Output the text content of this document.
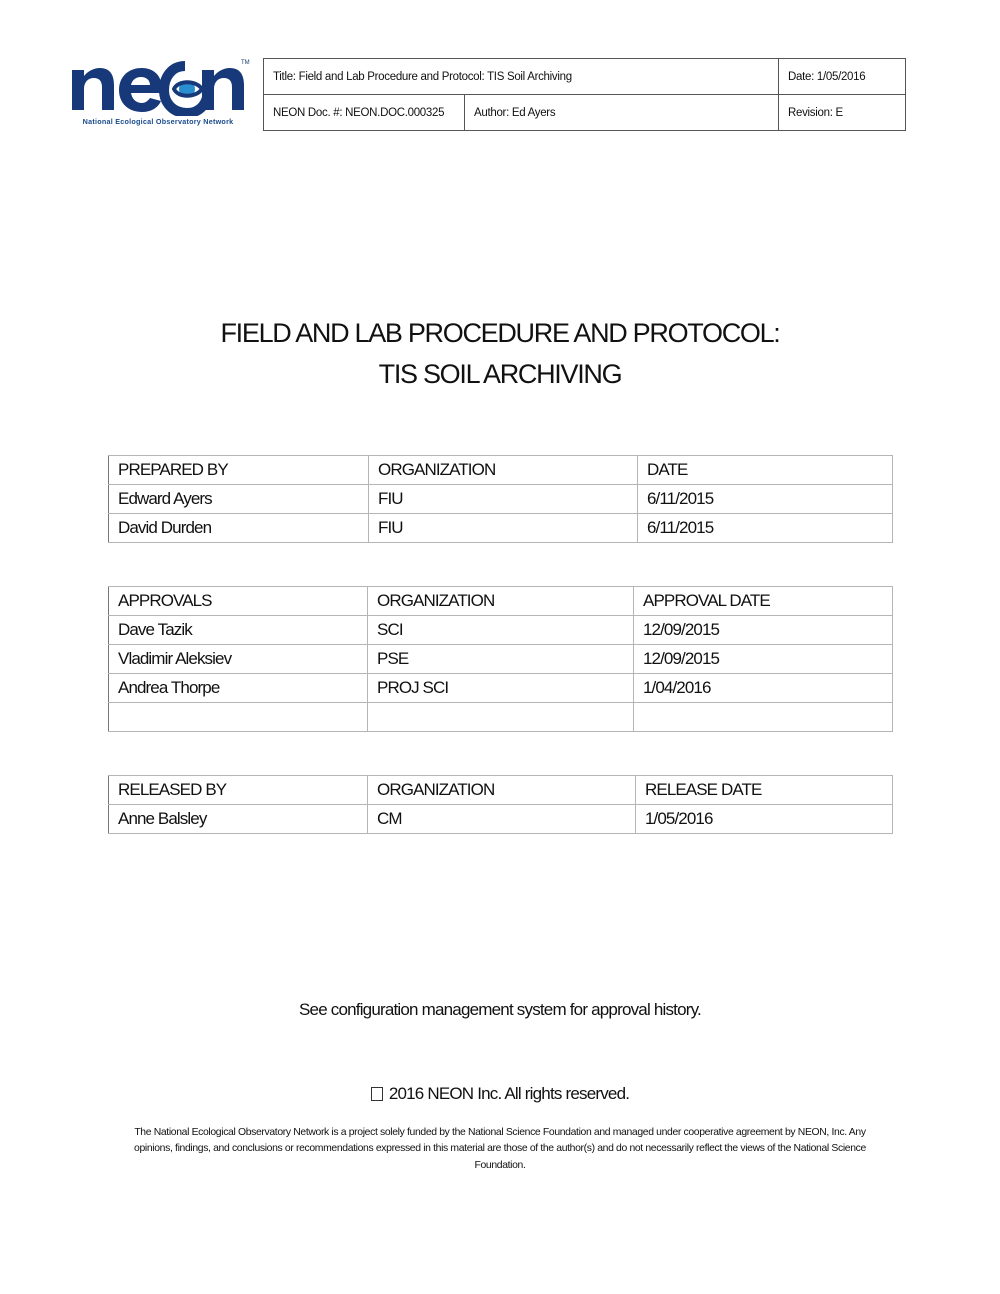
TM
National Ecological Observatory Network
Title: Field and Lab Procedure and Protocol: TIS Soil Archiving		Date: 1/05/2016
NEON Doc. #: NEON.DOC.000325	Author: Ed Ayers	Revision: E
FIELD AND LAB PROCEDURE AND PROTOCOL:
TIS SOIL ARCHIVING
PREPARED BY	ORGANIZATION	DATE
Edward Ayers	FIU	6/11/2015
David Durden	FIU	6/11/2015
APPROVALS	ORGANIZATION	APPROVAL DATE
Dave Tazik	SCI	12/09/2015
Vladimir Aleksiev	PSE	12/09/2015
Andrea Thorpe	PROJ SCI	1/04/2016

RELEASED BY	ORGANIZATION	RELEASE DATE
Anne Balsley	CM	1/05/2016
See configuration management system for approval history.
2016 NEON Inc. All rights reserved.
The National Ecological Observatory Network is a project solely funded by the National Science Foundation and managed under cooperative agreement by NEON, Inc. Any opinions, findings, and conclusions or recommendations expressed in this material are those of the author(s) and do not necessarily reflect the views of the National Science Foundation.
